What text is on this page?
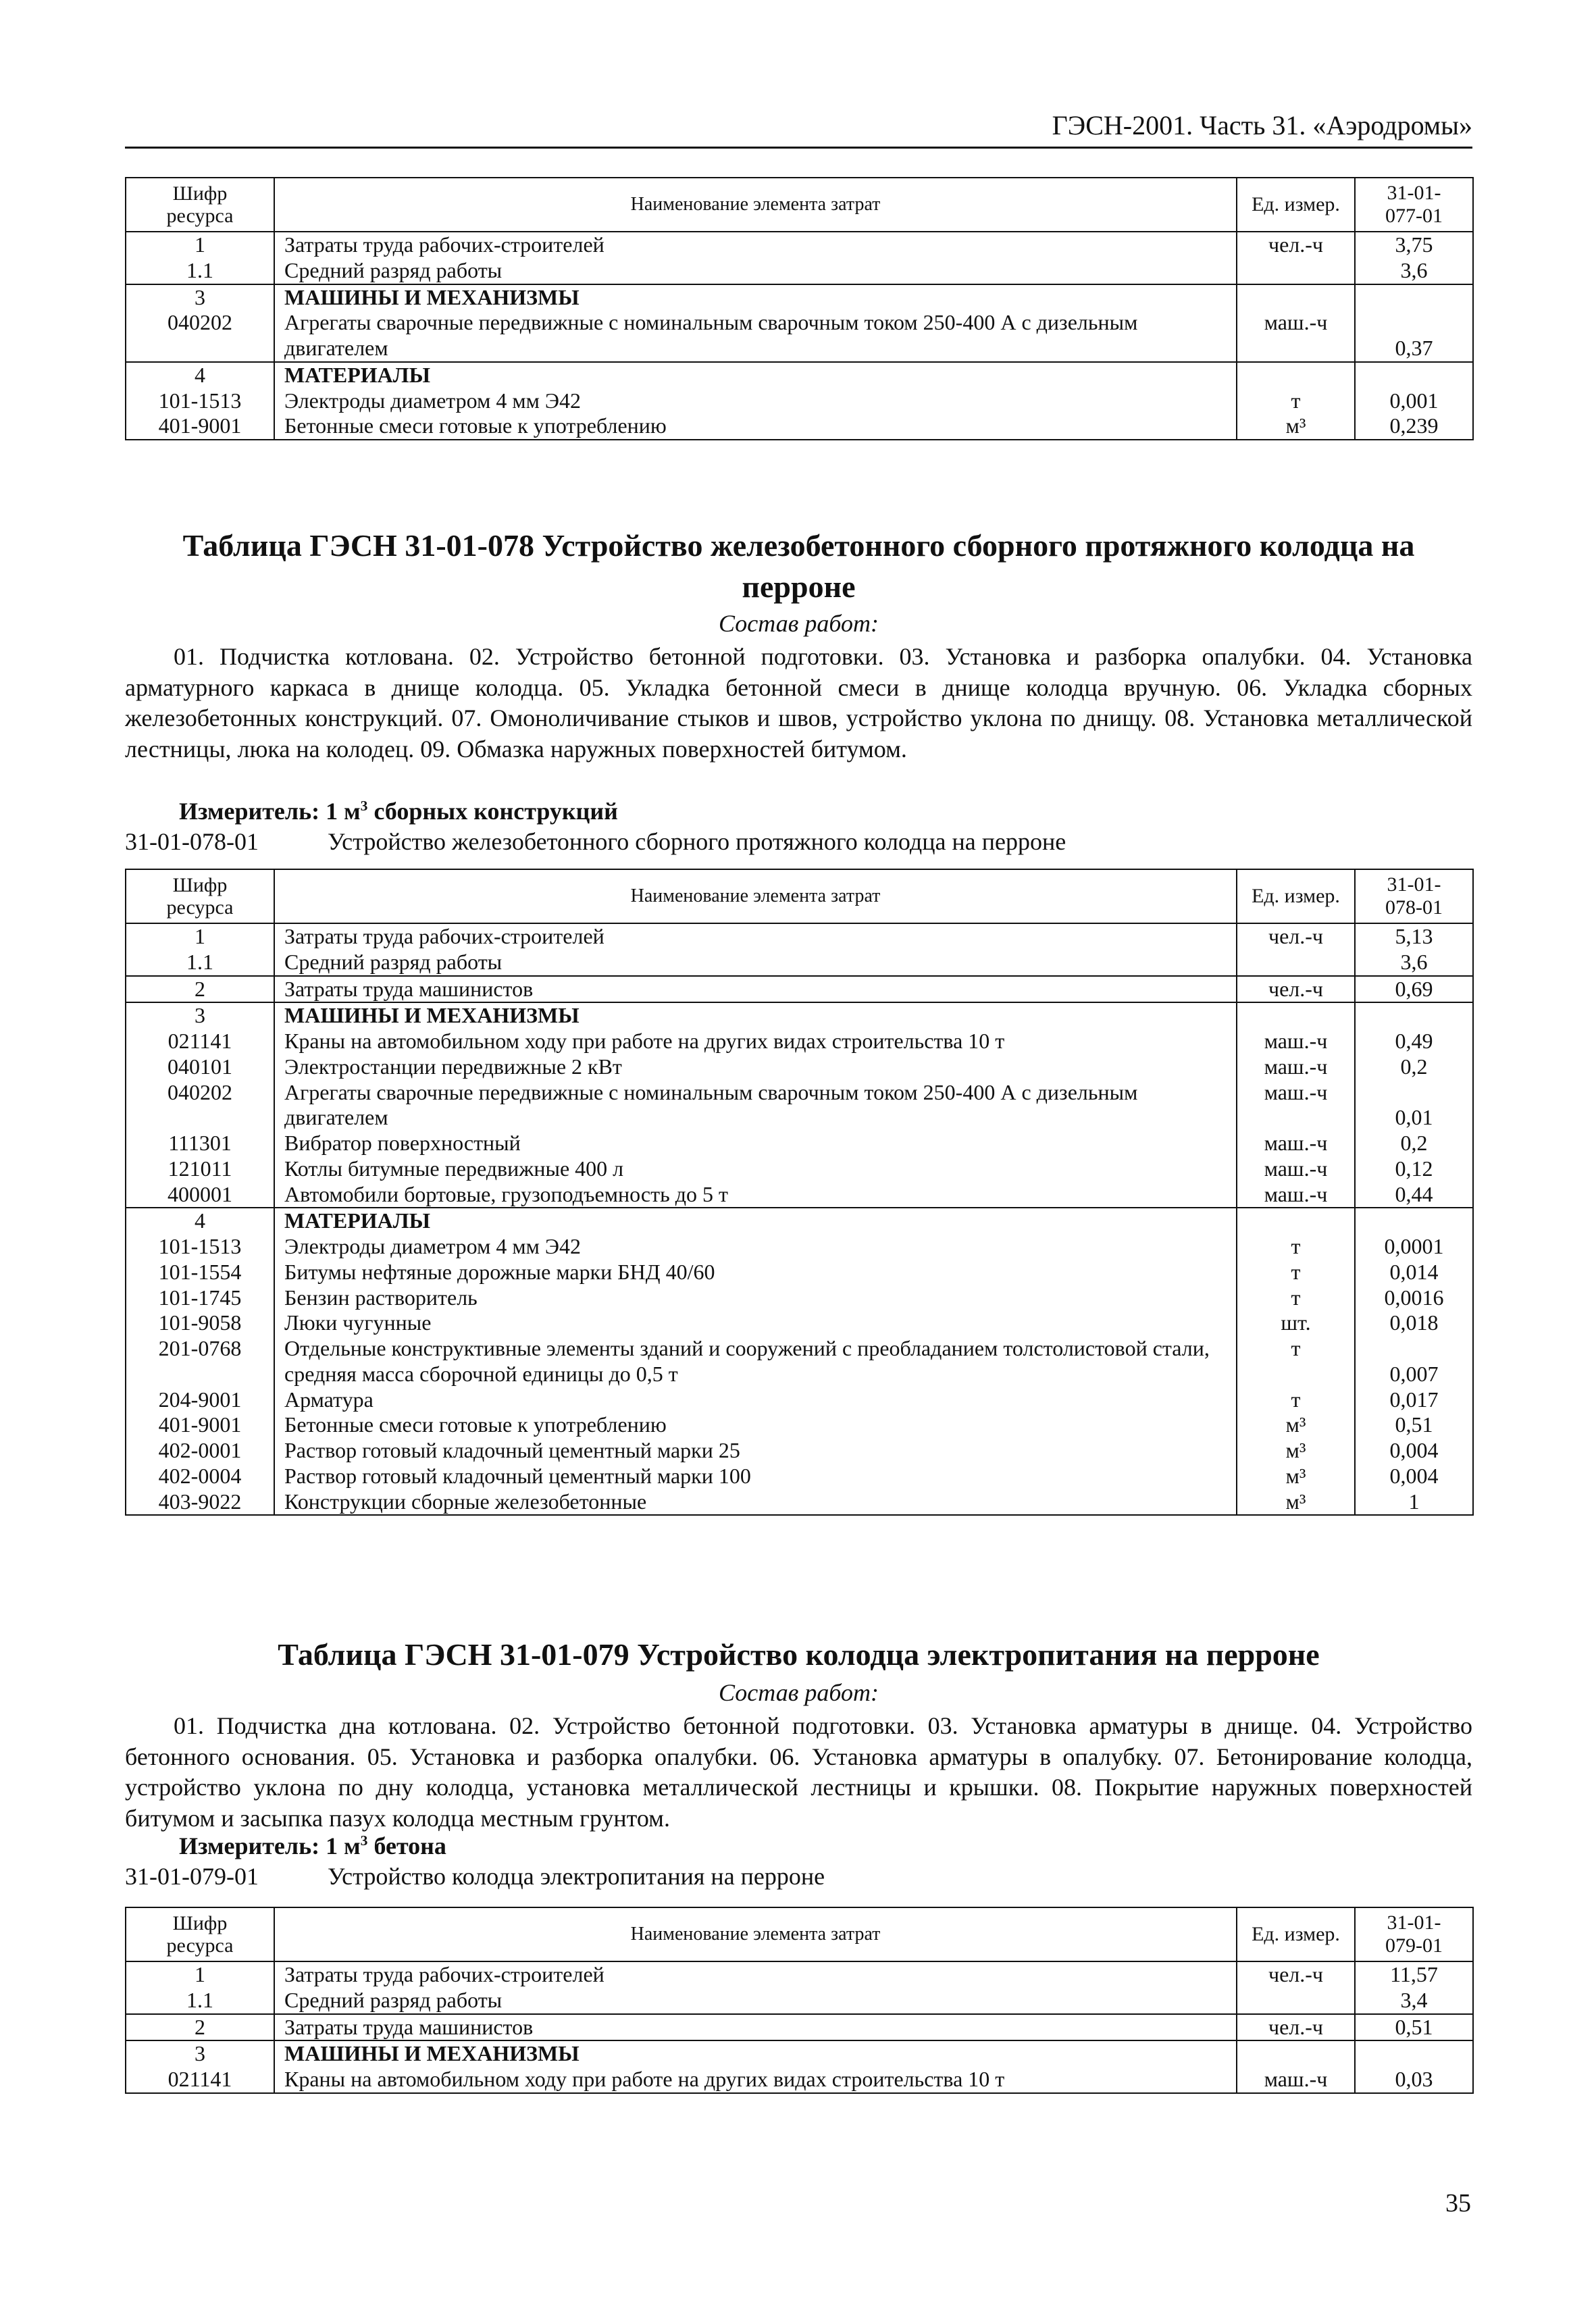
ГЭСН-2001. Часть 31. «Аэродромы»
Шифр
ресурса	Наименование элемента затрат	Ед. измер.	31-01-
077-01
1	Затраты труда рабочих-строителей	чел.-ч	3,75
1.1	Средний разряд работы		3,6
3	МАШИНЫ И МЕХАНИЗМЫ		
040202	Агрегаты сварочные передвижные с номинальным сварочным током 250-400 А с дизельным двигателем	маш.-ч	0,37
4	МАТЕРИАЛЫ		
101-1513	Электроды диаметром 4 мм Э42	т	0,001
401-9001	Бетонные смеси готовые к употреблению	м³	0,239
Таблица ГЭСН 31-01-078 Устройство железобетонного сборного протяжного колодца на
перроне
Состав работ:
01. Подчистка котлована. 02. Устройство бетонной подготовки. 03. Установка и разборка опалубки. 04. Установка арматурного каркаса в днище колодца. 05. Укладка бетонной смеси в днище колодца вручную. 06. Укладка сборных железобетонных конструкций. 07. Омоноличивание стыков и швов, устройство уклона по днищу. 08. Установка металлической лестницы, люка на колодец. 09. Обмазка наружных поверхностей битумом.
Измеритель: 1 $м^3$ сборных конструкций
31-01-078-01	Устройство железобетонного сборного протяжного колодца на перроне
Шифр
ресурса	Наименование элемента затрат	Ед. измер.	31-01-
078-01
1	Затраты труда рабочих-строителей	чел.-ч	5,13
1.1	Средний разряд работы		3,6
2	Затраты труда машинистов	чел.-ч	0,69
3	МАШИНЫ И МЕХАНИЗМЫ		
021141	Краны на автомобильном ходу при работе на других видах строительства 10 т	маш.-ч	0,49
040101	Электростанции передвижные 2 кВт	маш.-ч	0,2
040202	Агрегаты сварочные передвижные с номинальным сварочным током 250-400 А с дизельным двигателем	маш.-ч	0,01
111301	Вибратор поверхностный	маш.-ч	0,2
121011	Котлы битумные передвижные 400 л	маш.-ч	0,12
400001	Автомобили бортовые, грузоподъемность до 5 т	маш.-ч	0,44
4	МАТЕРИАЛЫ		
101-1513	Электроды диаметром 4 мм Э42	т	0,0001
101-1554	Битумы нефтяные дорожные марки БНД 40/60	т	0,014
101-1745	Бензин растворитель	т	0,0016
101-9058	Люки чугунные	шт.	0,018
201-0768	Отдельные конструктивные элементы зданий и сооружений с преобладанием толстолистовой стали, средняя масса сборочной единицы до 0,5 т	т	0,007
204-9001	Арматура	т	0,017
401-9001	Бетонные смеси готовые к употреблению	м³	0,51
402-0001	Раствор готовый кладочный цементный марки 25	м³	0,004
402-0004	Раствор готовый кладочный цементный марки 100	м³	0,004
403-9022	Конструкции сборные железобетонные	м³	1
Таблица ГЭСН 31-01-079 Устройство колодца электропитания на перроне
Состав работ:
01. Подчистка дна котлована. 02. Устройство бетонной подготовки. 03. Установка арматуры в днище. 04. Устройство бетонного основания. 05. Установка и разборка опалубки. 06. Установка арматуры в опалубку. 07. Бетонирование колодца, устройство уклона по дну колодца, установка металлической лестницы и крышки. 08. Покрытие наружных поверхностей битумом и засыпка пазух колодца местным грунтом.
Измеритель: 1 $м^3$ бетона
31-01-079-01	Устройство колодца электропитания на перроне
Шифр
ресурса	Наименование элемента затрат	Ед. измер.	31-01-
079-01
1	Затраты труда рабочих-строителей	чел.-ч	11,57
1.1	Средний разряд работы		3,4
2	Затраты труда машинистов	чел.-ч	0,51
3	МАШИНЫ И МЕХАНИЗМЫ		
021141	Краны на автомобильном ходу при работе на других видах строительства 10 т	маш.-ч	0,03
35
